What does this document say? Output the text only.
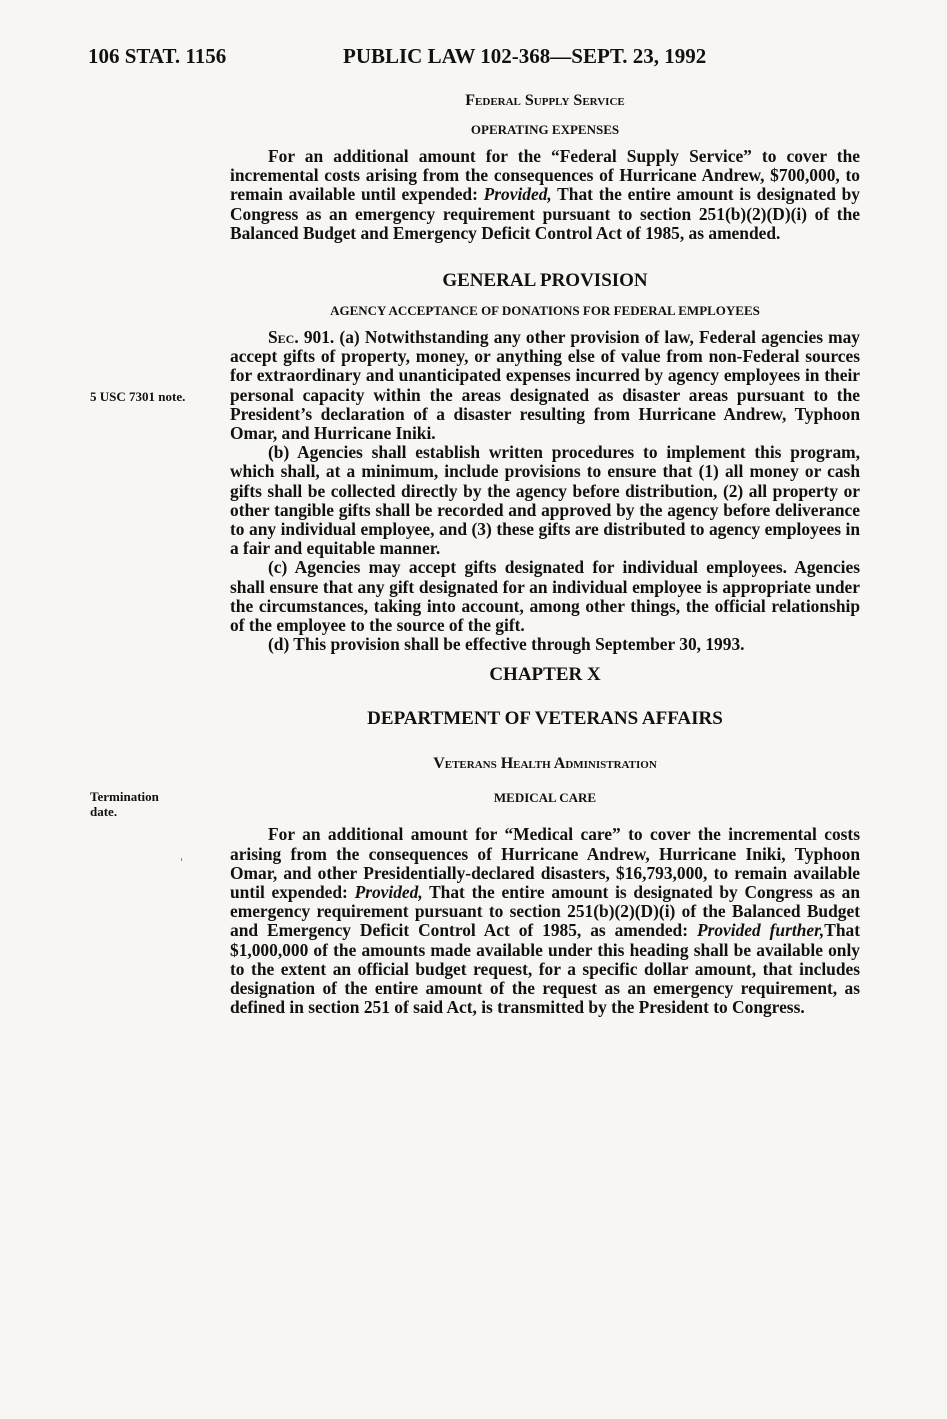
106 STAT. 1156	PUBLIC LAW 102-368—SEPT. 23, 1992
5 USC 7301 note.
Termination
date.
Federal Supply Service
OPERATING EXPENSES

For an additional amount for the “Federal Supply Service” to cover the incremental costs arising from the consequences of Hurricane Andrew, $700,000, to remain available until expended: Provided, That the entire amount is designated by Congress as an emergency requirement pursuant to section 251(b)(2)(D)(i) of the Balanced Budget and Emergency Deficit Control Act of 1985, as amended.

GENERAL PROVISION
AGENCY ACCEPTANCE OF DONATIONS FOR FEDERAL EMPLOYEES

Sec. 901. (a) Notwithstanding any other provision of law, Federal agencies may accept gifts of property, money, or anything else of value from non-Federal sources for extraordinary and unanticipated expenses incurred by agency employees in their personal capacity within the areas designated as disaster areas pursuant to the President’s declaration of a disaster resulting from Hurricane Andrew, Typhoon Omar, and Hurricane Iniki.

(b) Agencies shall establish written procedures to implement this program, which shall, at a minimum, include provisions to ensure that (1) all money or cash gifts shall be collected directly by the agency before distribution, (2) all property or other tangible gifts shall be recorded and approved by the agency before deliverance to any individual employee, and (3) these gifts are distributed to agency employees in a fair and equitable manner.

(c) Agencies may accept gifts designated for individual employees. Agencies shall ensure that any gift designated for an individual employee is appropriate under the circumstances, taking into account, among other things, the official relationship of the employee to the source of the gift.

(d) This provision shall be effective through September 30, 1993.

CHAPTER X
DEPARTMENT OF VETERANS AFFAIRS
Veterans Health Administration
MEDICAL CARE

For an additional amount for “Medical care” to cover the incremental costs arising from the consequences of Hurricane Andrew, Hurricane Iniki, Typhoon Omar, and other Presidentially-declared disasters, $16,793,000, to remain available until expended: Provided, That the entire amount is designated by Congress as an emergency requirement pursuant to section 251(b)(2)(D)(i) of the Balanced Budget and Emergency Deficit Control Act of 1985, as amended: Provided further,That $1,000,000 of the amounts made available under this heading shall be available only to the extent an official budget request, for a specific dollar amount, that includes designation of the entire amount of the request as an emergency requirement, as defined in section 251 of said Act, is transmitted by the President to Congress.
